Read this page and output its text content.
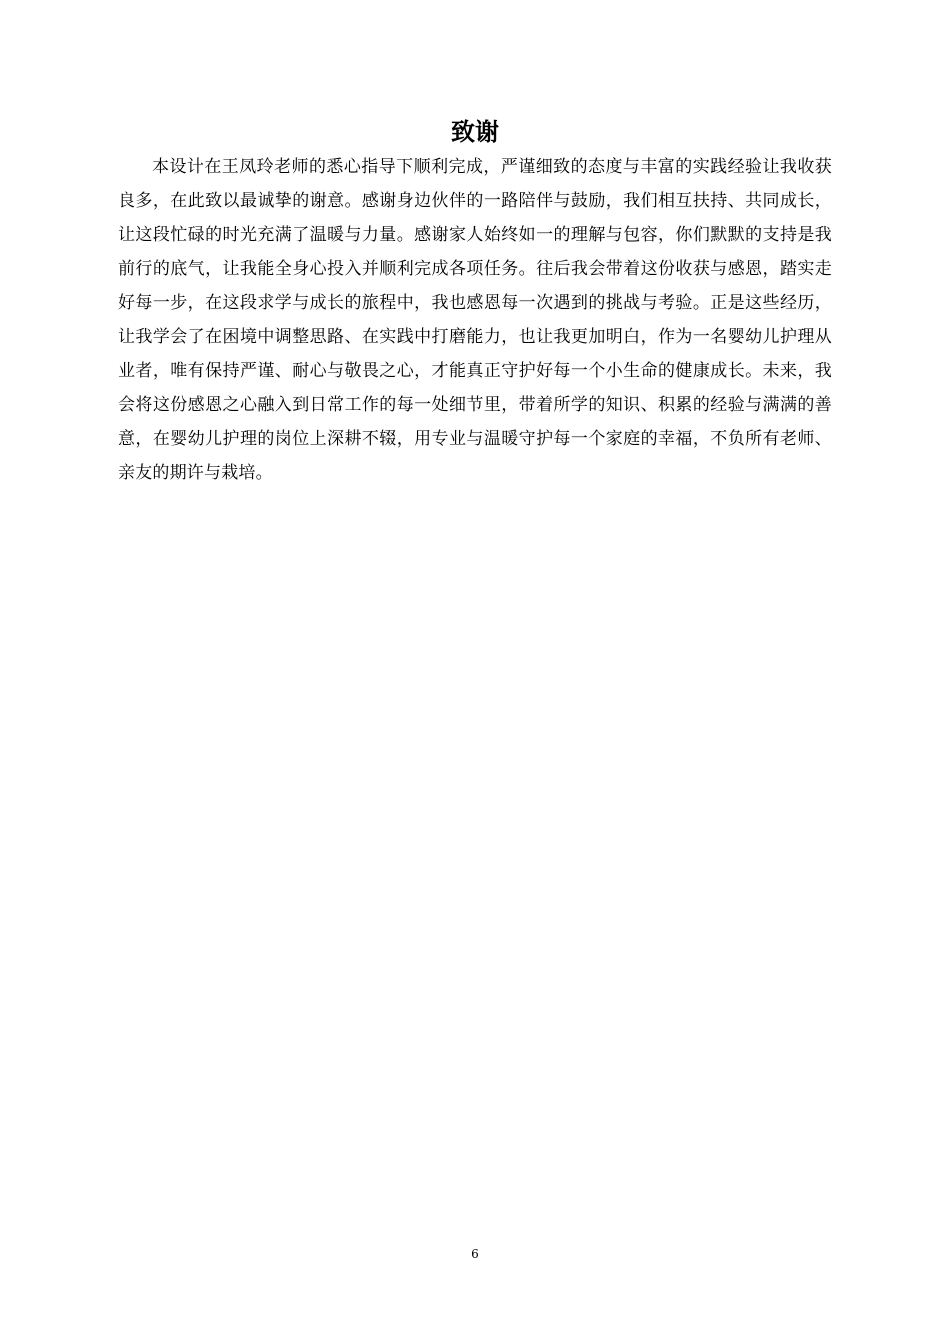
致谢

本设计在王凤玲老师的悉心指导下顺利完成，严谨细致的态度与丰富的实践经验让我收获良多，在此致以最诚挚的谢意。感谢身边伙伴的一路陪伴与鼓励，我们相互扶持、共同成长，让这段忙碌的时光充满了温暖与力量。感谢家人始终如一的理解与包容，你们默默的支持是我前行的底气，让我能全身心投入并顺利完成各项任务。往后我会带着这份收获与感恩，踏实走好每一步，在这段求学与成长的旅程中，我也感恩每一次遇到的挑战与考验。正是这些经历，让我学会了在困境中调整思路、在实践中打磨能力，也让我更加明白，作为一名婴幼儿护理从业者，唯有保持严谨、耐心与敬畏之心，才能真正守护好每一个小生命的健康成长。未来，我会将这份感恩之心融入到日常工作的每一处细节里，带着所学的知识、积累的经验与满满的善意，在婴幼儿护理的岗位上深耕不辍，用专业与温暖守护每一个家庭的幸福，不负所有老师、亲友的期许与栽培。

6
